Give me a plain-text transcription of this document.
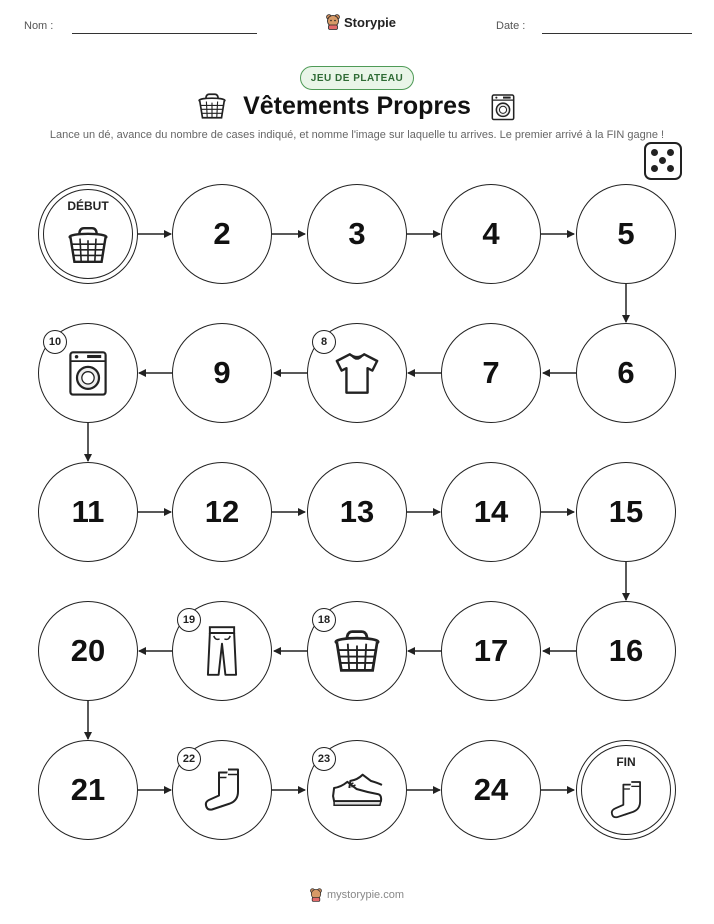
Nom :	Storypie	Date :
JEU DE PLATEAU
Vêtements Propres
Lance un dé, avance du nombre de cases indiqué, et nomme l'image sur laquelle tu arrives. Le premier arrivé à la FIN gagne !
DÉBUT
2	3	4	5
10
9
8
7	6
11	12	13	14	15
20
19	18
17	16
21
22	23
24
FIN
mystorypie.com
